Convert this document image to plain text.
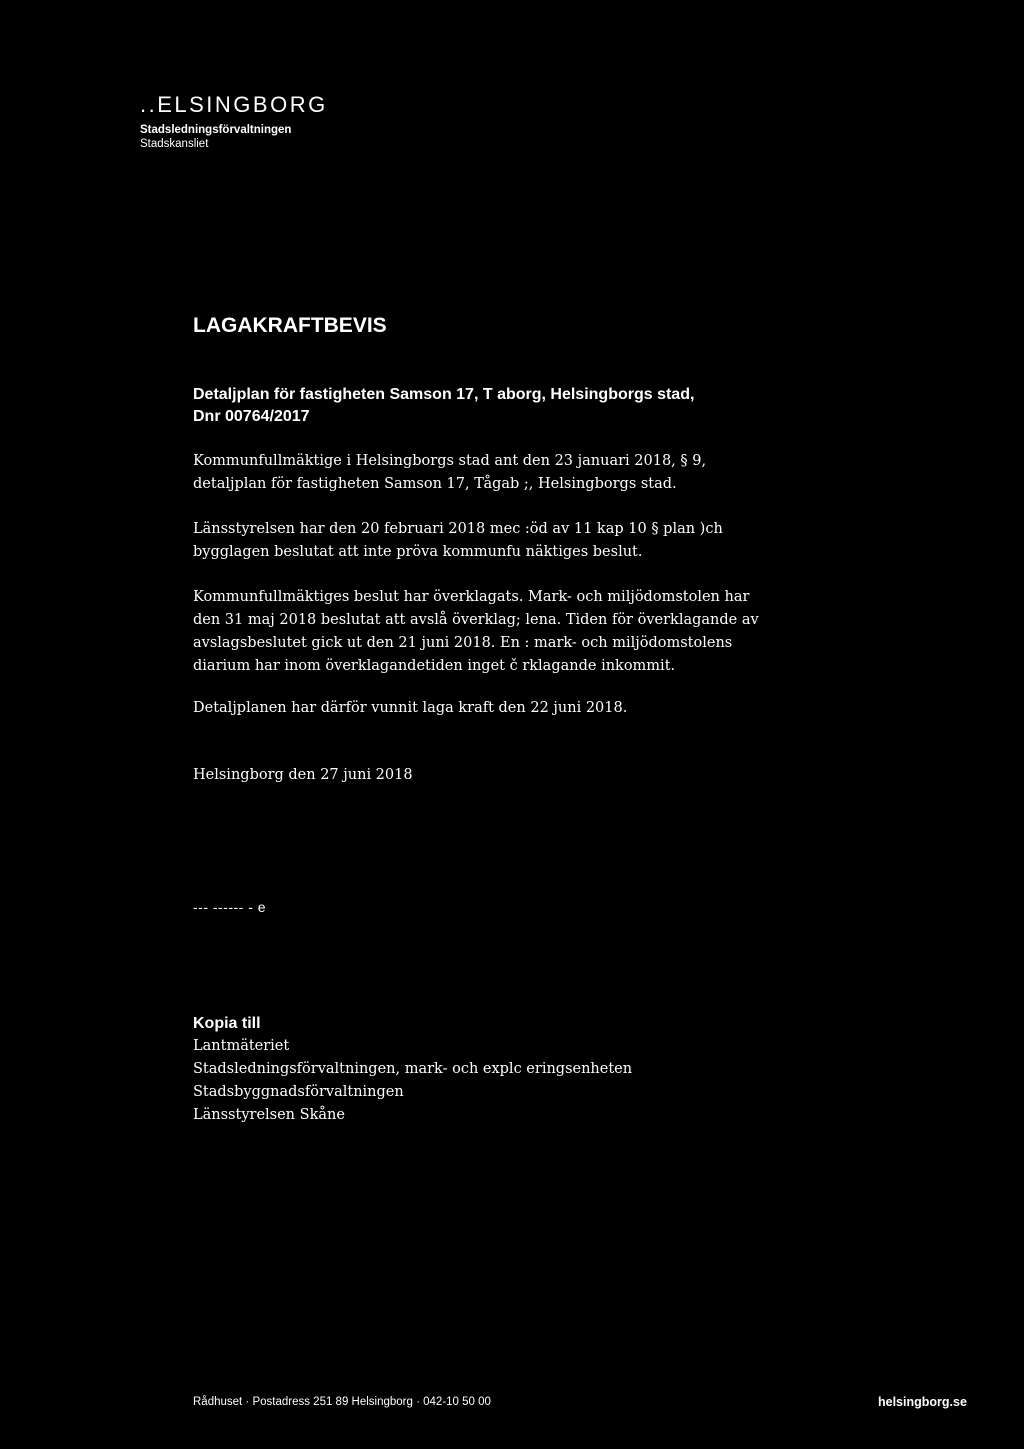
..ELSINGBORG
Stadsledningsförvaltningen
Stadskansliet
LAGAKRAFTBEVIS
Detaljplan för fastigheten Samson 17, T aborg, Helsingborgs stad,
Dnr 00764/2017
Kommunfullmäktige i Helsingborgs stad ant den 23 januari 2018, § 9,
detaljplan för fastigheten Samson 17, Tågab ;, Helsingborgs stad.
Länsstyrelsen har den 20 februari 2018 mec :öd av 11 kap 10 § plan )ch
bygglagen beslutat att inte pröva kommunfu näktiges beslut.
Kommunfullmäktiges beslut har överklagats. Mark- och miljödomstolen har
den 31 maj 2018 beslutat att avslå överklag; lena. Tiden för överklagande av
avslagsbeslutet gick ut den 21 juni 2018. En : mark- och miljödomstolens
diarium har inom överklagandetiden inget č rklagande inkommit.
Detaljplanen har därför vunnit laga kraft den 22 juni 2018.
Helsingborg den 27 juni 2018
--- ------ - e
Kopia till
Lantmäteriet
Stadsledningsförvaltningen, mark- och explc eringsenheten
Stadsbyggnadsförvaltningen
Länsstyrelsen Skåne
Rådhuset · Postadress 251 89 Helsingborg · 042-10 50 00	helsingborg.se
